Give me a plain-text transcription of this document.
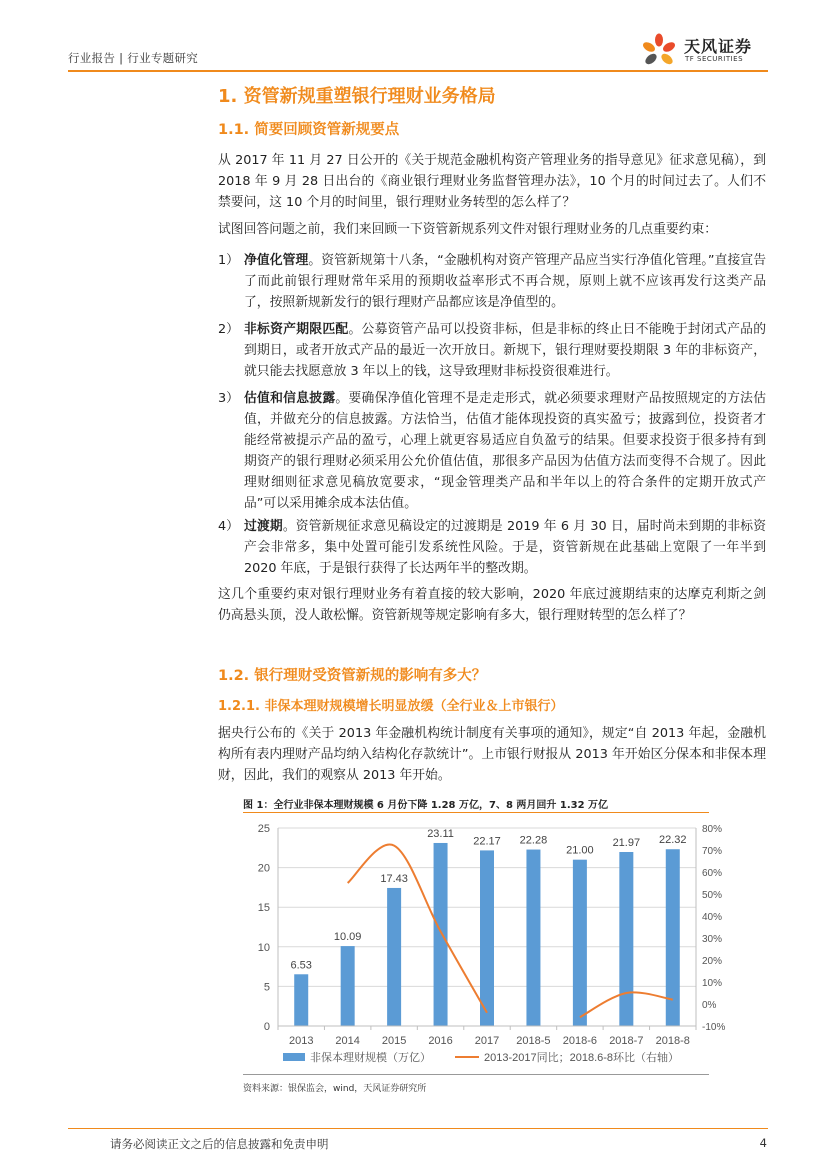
行业报告 | 行业专题研究
天风证券
TF SECURITIES
1. 资管新规重塑银行理财业务格局
1.1. 简要回顾资管新规要点
从 2017 年 11 月 27 日公开的《关于规范金融机构资产管理业务的指导意见》征求意见稿），到 2018 年 9 月 28 日出台的《商业银行理财业务监督管理办法》，10 个月的时间过去了。人们不禁要问，这 10 个月的时间里，银行理财业务转型的怎么样了？
试图回答问题之前，我们来回顾一下资管新规系列文件对银行理财业务的几点重要约束：
1） 净值化管理。资管新规第十八条，“金融机构对资产管理产品应当实行净值化管理。”直接宣告了而此前银行理财常年采用的预期收益率形式不再合规，原则上就不应该再发行这类产品了，按照新规新发行的银行理财产品都应该是净值型的。
2） 非标资产期限匹配。公募资管产品可以投资非标，但是非标的终止日不能晚于封闭式产品的到期日，或者开放式产品的最近一次开放日。新规下，银行理财要投期限 3 年的非标资产，就只能去找愿意放 3 年以上的钱，这导致理财非标投资很难进行。
3） 估值和信息披露。要确保净值化管理不是走走形式，就必须要求理财产品按照规定的方法估值，并做充分的信息披露。方法恰当，估值才能体现投资的真实盈亏；披露到位，投资者才能经常被提示产品的盈亏，心理上就更容易适应自负盈亏的结果。但要求投资于很多持有到期资产的银行理财必须采用公允价值估值，那很多产品因为估值方法而变得不合规了。因此理财细则征求意见稿放宽要求，“现金管理类产品和半年以上的符合条件的定期开放式产品”可以采用摊余成本法估值。
4） 过渡期。资管新规征求意见稿设定的过渡期是 2019 年 6 月 30 日，届时尚未到期的非标资产会非常多，集中处置可能引发系统性风险。于是，资管新规在此基础上宽限了一年半到 2020 年底，于是银行获得了长达两年半的整改期。
这几个重要约束对银行理财业务有着直接的较大影响，2020 年底过渡期结束的达摩克利斯之剑仍高悬头顶，没人敢松懈。资管新规等规定影响有多大，银行理财转型的怎么样了？
1.2. 银行理财受资管新规的影响有多大？
1.2.1. 非保本理财规模增长明显放缓（全行业＆上市银行）
据央行公布的《关于 2013 年金融机构统计制度有关事项的通知》，规定“自 2013 年起，金融机构所有表内理财产品均纳入结构化存款统计”。上市银行财报从 2013 年开始区分保本和非保本理财，因此，我们的观察从 2013 年开始。
图 1：全行业非保本理财规模 6 月份下降 1.28 万亿，7、8 两月回升 1.32 万亿
6.53
10.09
17.43
23.11
22.17 22.28
21.00
21.97 22.32
0
5
10
15
20
25
-10%
0%
10%
20%
30%
40%
50%
60%
70%
80%
2013 2014 2015 2016 2017 2018-5 2018-6 2018-7 2018-8
非保本理财规模（万亿）	2013-2017同比；2018.6-8环比（右轴）
资料来源：银保监会，wind，天风证券研究所
请务必阅读正文之后的信息披露和免责申明	4
